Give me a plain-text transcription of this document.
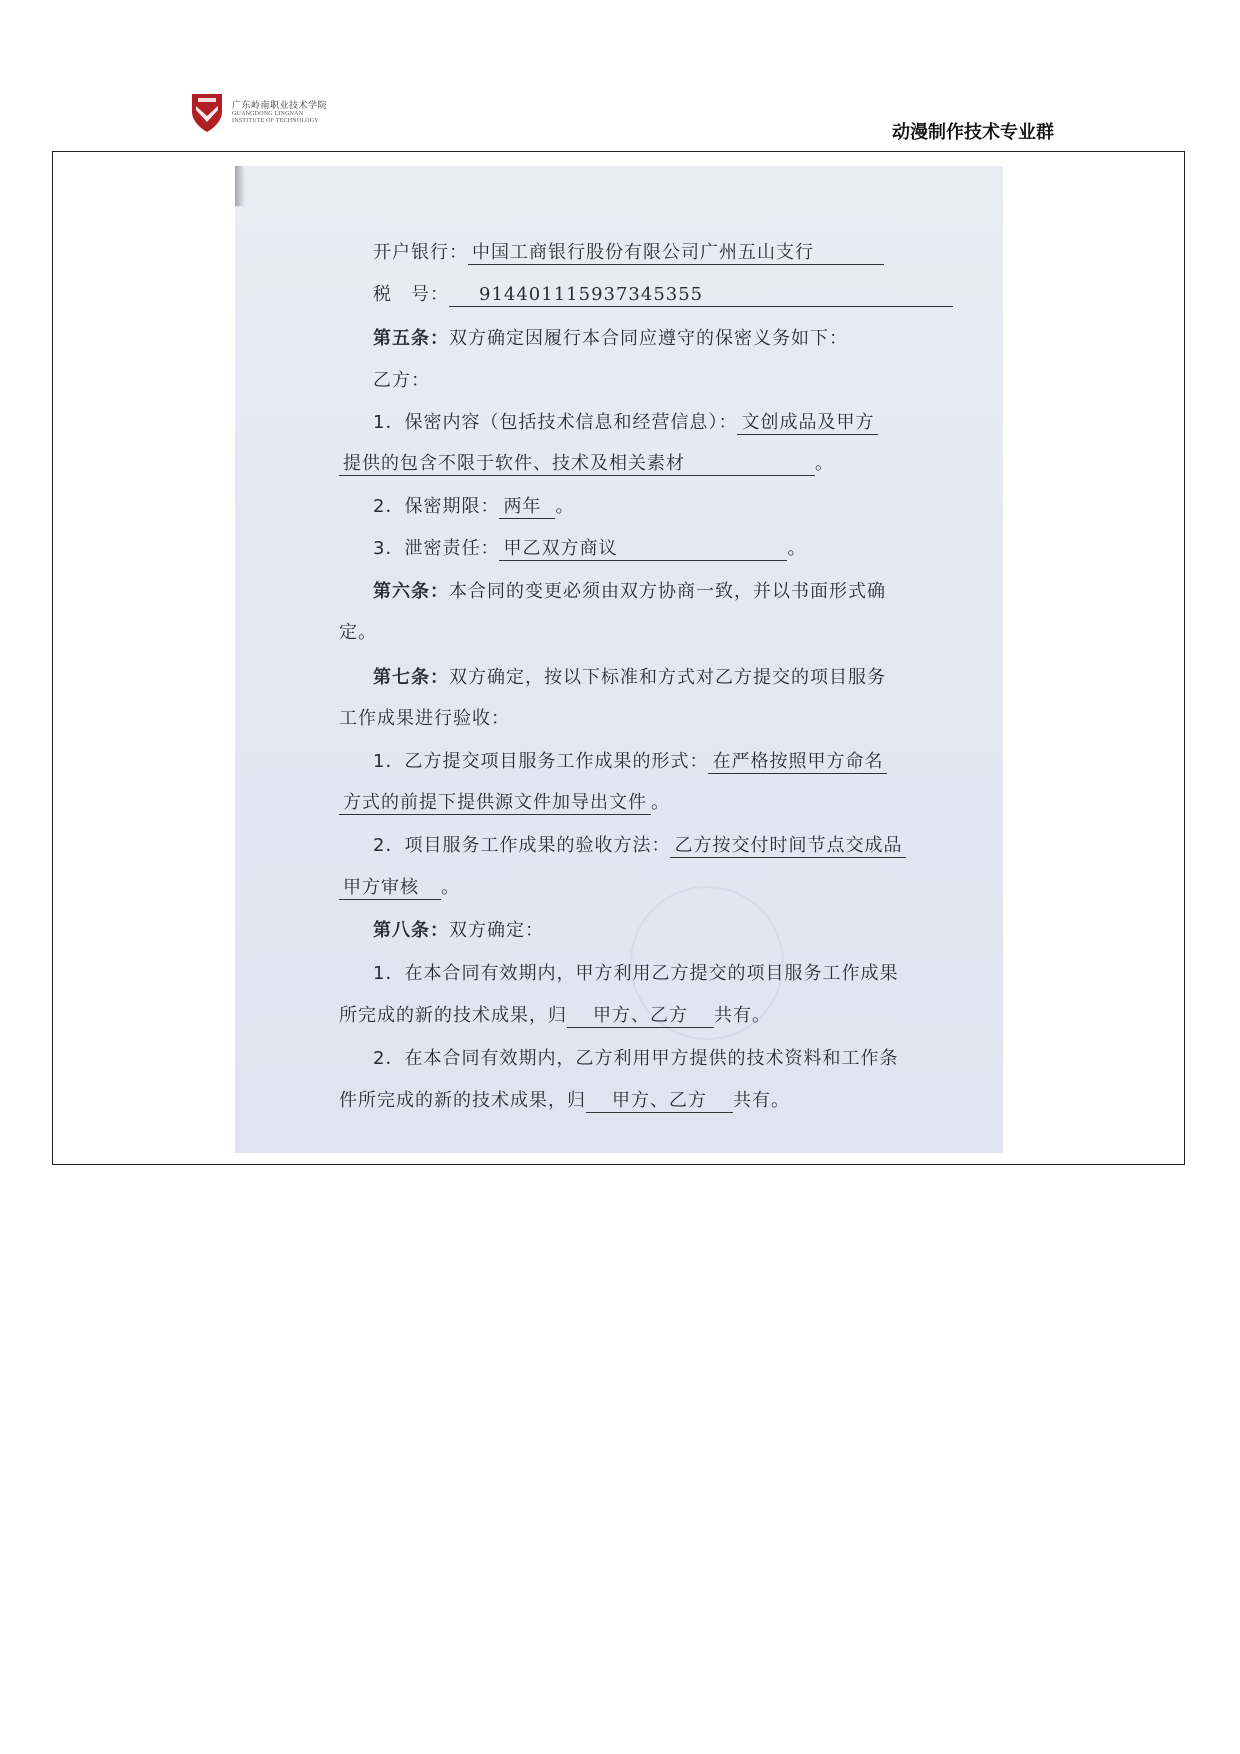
广东岭南职业技术学院
GUANGDONG LINGNAN
INSTITUTE OF TECHNOLOGY
动漫制作技术专业群
开户银行： 中国工商银行股份有限公司广州五山支行
税　号： 914401115937345355
第五条：双方确定因履行本合同应遵守的保密义务如下：
乙方：
1．保密内容（包括技术信息和经营信息）： 文创成品及甲方
提供的包含不限于软件、技术及相关素材	。
2．保密期限： 两年 。
3．泄密责任： 甲乙双方商议	。
第六条：本合同的变更必须由双方协商一致，并以书面形式确
定。
第七条：双方确定，按以下标准和方式对乙方提交的项目服务
工作成果进行验收：
1．乙方提交项目服务工作成果的形式： 在严格按照甲方命名
方式的前提下提供源文件加导出文件 。
2．项目服务工作成果的验收方法： 乙方按交付时间节点交成品
甲方审核 。
第八条：双方确定：
1．在本合同有效期内，甲方利用乙方提交的项目服务工作成果
所完成的新的技术成果，归 甲方、乙方 共有。
2．在本合同有效期内，乙方利用甲方提供的技术资料和工作条
件所完成的新的技术成果，归 甲方、乙方 共有。
